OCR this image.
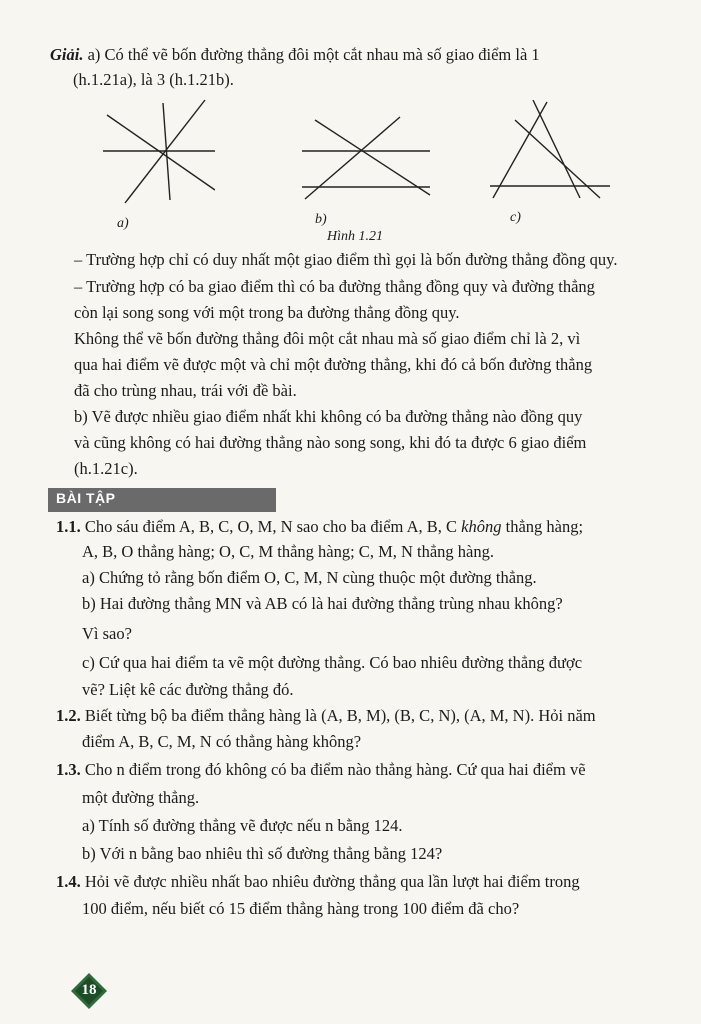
Giải. a) Có thể vẽ bốn đường thẳng đôi một cắt nhau mà số giao điểm là 1
(h.1.21a), là 3 (h.1.21b).
a)	b)	c)
Hình 1.21
– Trường hợp chỉ có duy nhất một giao điểm thì gọi là bốn đường thẳng đồng quy.
– Trường hợp có ba giao điểm thì có ba đường thẳng đồng quy và đường thẳng
còn lại song song với một trong ba đường thẳng đồng quy.
Không thể vẽ bốn đường thẳng đôi một cắt nhau mà số giao điểm chỉ là 2, vì
qua hai điểm vẽ được một và chỉ một đường thẳng, khi đó cả bốn đường thẳng
đã cho trùng nhau, trái với đề bài.
b) Vẽ được nhiều giao điểm nhất khi không có ba đường thẳng nào đồng quy
và cũng không có hai đường thẳng nào song song, khi đó ta được 6 giao điểm
(h.1.21c).
BÀI TẬP
1.1. Cho sáu điểm A, B, C, O, M, N sao cho ba điểm A, B, C không thẳng hàng;
A, B, O thẳng hàng; O, C, M thẳng hàng; C, M, N thẳng hàng.
a) Chứng tỏ rằng bốn điểm O, C, M, N cùng thuộc một đường thẳng.
b) Hai đường thẳng MN và AB có là hai đường thẳng trùng nhau không?
Vì sao?
c) Cứ qua hai điểm ta vẽ một đường thẳng. Có bao nhiêu đường thẳng được
vẽ? Liệt kê các đường thẳng đó.
1.2. Biết từng bộ ba điểm thẳng hàng là (A, B, M), (B, C, N), (A, M, N). Hỏi năm
điểm A, B, C, M, N có thẳng hàng không?
1.3. Cho n điểm trong đó không có ba điểm nào thẳng hàng. Cứ qua hai điểm vẽ
một đường thẳng.
a) Tính số đường thẳng vẽ được nếu n bằng 124.
b) Với n bằng bao nhiêu thì số đường thẳng bằng 124?
1.4. Hỏi vẽ được nhiều nhất bao nhiêu đường thẳng qua lần lượt hai điểm trong
100 điểm, nếu biết có 15 điểm thẳng hàng trong 100 điểm đã cho?
18
